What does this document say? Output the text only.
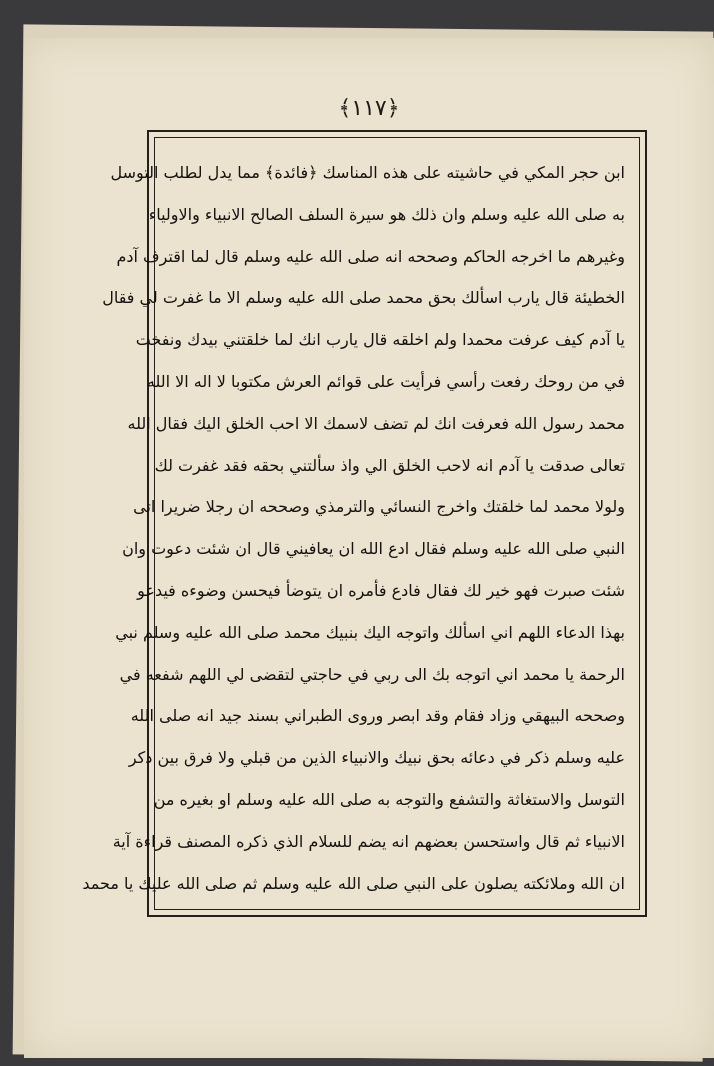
﴿١١٧﴾
ابن حجر المكي في حاشيته على هذه المناسك ﴿فائدة﴾ مما يدل لطلب التوسل
به صلى الله عليه وسلم وان ذلك هو سيرة السلف الصالح الانبياء والاولياء
وغيرهم ما اخرجه الحاكم وصححه انه صلى الله عليه وسلم قال لما اقترف آدم
الخطيئة قال يارب اسألك بحق محمد صلى الله عليه وسلم الا ما غفرت لي فقال
يا آدم كيف عرفت محمدا ولم اخلقه قال يارب انك لما خلقتني بيدك ونفخت
في من روحك رفعت رأسي فرأيت على قوائم العرش مكتوبا لا اله الا الله
محمد رسول الله فعرفت انك لم تضف لاسمك الا احب الخلق اليك فقال الله
تعالى صدقت يا آدم انه لاحب الخلق الي واذ سألتني بحقه فقد غفرت لك
ولولا محمد لما خلقتك واخرج النسائي والترمذي وصححه ان رجلا ضريرا اتى
النبي صلى الله عليه وسلم فقال ادع الله ان يعافيني قال ان شئت دعوت وان
شئت صبرت فهو خير لك فقال فادع فأمره ان يتوضأ فيحسن وضوءه فيدعو
بهذا الدعاء اللهم اني اسألك واتوجه اليك بنبيك محمد صلى الله عليه وسلم نبي
الرحمة يا محمد اني اتوجه بك الى ربي في حاجتي لتقضى لي اللهم شفعه في
وصححه البيهقي وزاد فقام وقد ابصر وروى الطبراني بسند جيد انه صلى الله
عليه وسلم ذكر في دعائه بحق نبيك والانبياء الذين من قبلي ولا فرق بين ذكر
التوسل والاستغاثة والتشفع والتوجه به صلى الله عليه وسلم او بغيره من
الانبياء ثم قال واستحسن بعضهم انه يضم للسلام الذي ذكره المصنف قراءة آية
ان الله وملائكته يصلون على النبي صلى الله عليه وسلم ثم صلى الله عليك يا محمد
